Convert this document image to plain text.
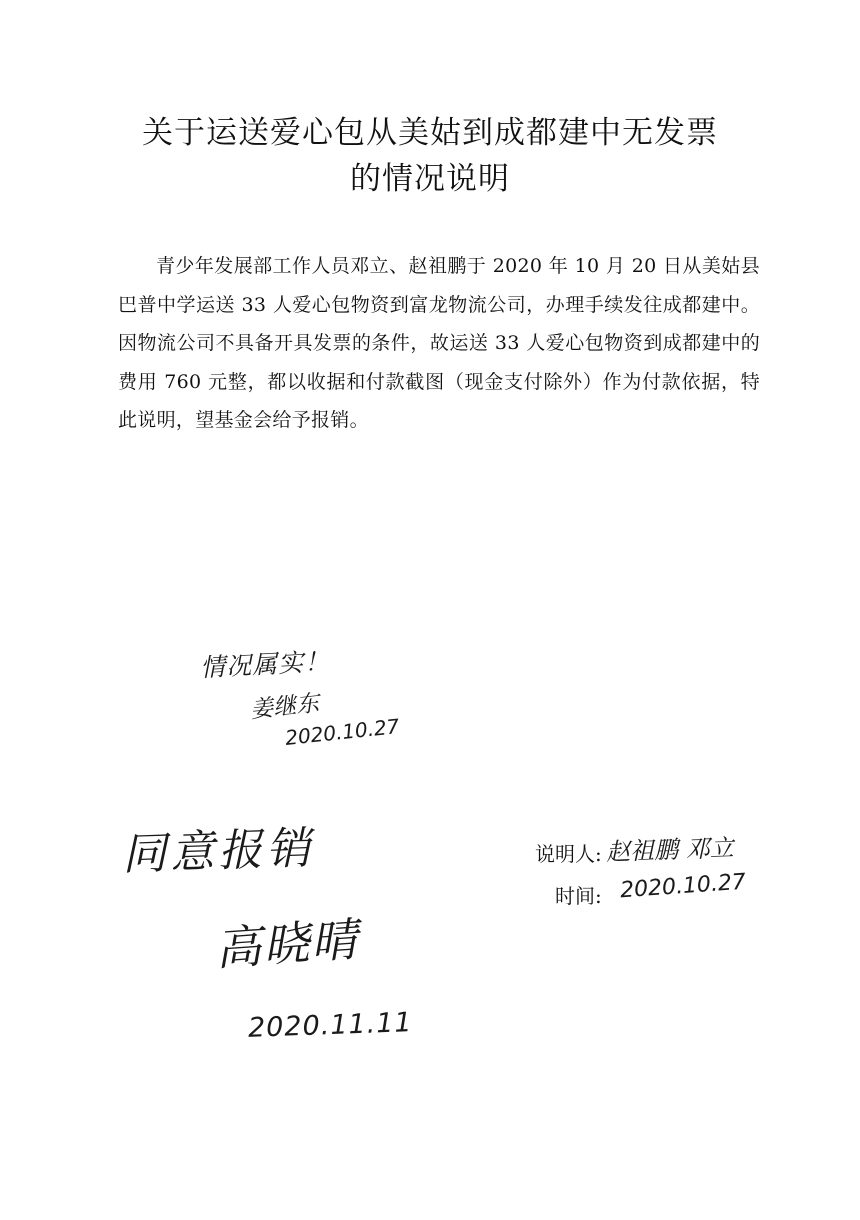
关于运送爱心包从美姑到成都建中无发票
的情况说明

青少年发展部工作人员邓立、赵祖鹏于 2020 年 10 月 20 日从美姑县巴普中学运送 33 人爱心包物资到富龙物流公司，办理手续发往成都建中。因物流公司不具备开具发票的条件，故运送 33 人爱心包物资到成都建中的费用 760 元整，都以收据和付款截图（现金支付除外）作为付款依据，特此说明，望基金会给予报销。

情况属实！
姜继东
2020.10.27
同意报销
高晓晴
2020.11.11
说明人: 赵祖鹏 邓立
时间: 2020.10.27
